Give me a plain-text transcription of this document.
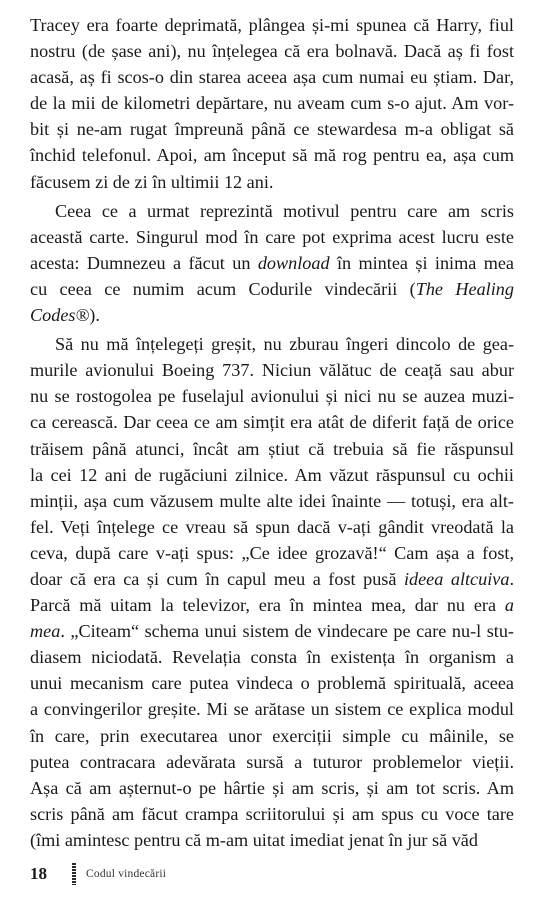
Tracey era foarte deprimată, plângea și-mi spunea că Harry, fiul
nostru (de șase ani), nu înțelegea că era bolnavă. Dacă aș fi fost
acasă, aș fi scos-o din starea aceea așa cum numai eu știam. Dar,
de la mii de kilometri depărtare, nu aveam cum s-o ajut. Am vor-
bit și ne-am rugat împreună până ce stewardesa m-a obligat să
închid telefonul. Apoi, am început să mă rog pentru ea, așa cum
făcusem zi de zi în ultimii 12 ani.
Ceea ce a urmat reprezintă motivul pentru care am scris
această carte. Singurul mod în care pot exprima acest lucru este
acesta: Dumnezeu a făcut un download în mintea și inima mea
cu ceea ce numim acum Codurile vindecării (The Healing
Codes®).
Să nu mă înțelegeți greșit, nu zburau îngeri dincolo de gea-
murile avionului Boeing 737. Niciun vălătuc de ceață sau abur
nu se rostogolea pe fuselajul avionului și nici nu se auzea muzi-
ca cerească. Dar ceea ce am simțit era atât de diferit față de orice
trăisem până atunci, încât am știut că trebuia să fie răspunsul
la cei 12 ani de rugăciuni zilnice. Am văzut răspunsul cu ochii
minții, așa cum văzusem multe alte idei înainte — totuși, era alt-
fel. Veți înțelege ce vreau să spun dacă v-ați gândit vreodată la
ceva, după care v-ați spus: „Ce idee grozavă!“ Cam așa a fost,
doar că era ca și cum în capul meu a fost pusă ideea altcuiva.
Parcă mă uitam la televizor, era în mintea mea, dar nu era a
mea. „Citeam“ schema unui sistem de vindecare pe care nu-l stu-
diasem niciodată. Revelația consta în existența în organism a
unui mecanism care putea vindeca o problemă spirituală, aceea
a convingerilor greșite. Mi se arătase un sistem ce explica modul
în care, prin executarea unor exerciții simple cu mâinile, se
putea contracara adevărata sursă a tuturor problemelor vieții.
Așa că am așternut-o pe hârtie și am scris, și am tot scris. Am
scris până am făcut crampa scriitorului și am spus cu voce tare
(îmi amintesc pentru că m-am uitat imediat jenat în jur să văd
18	Codul vindecării
